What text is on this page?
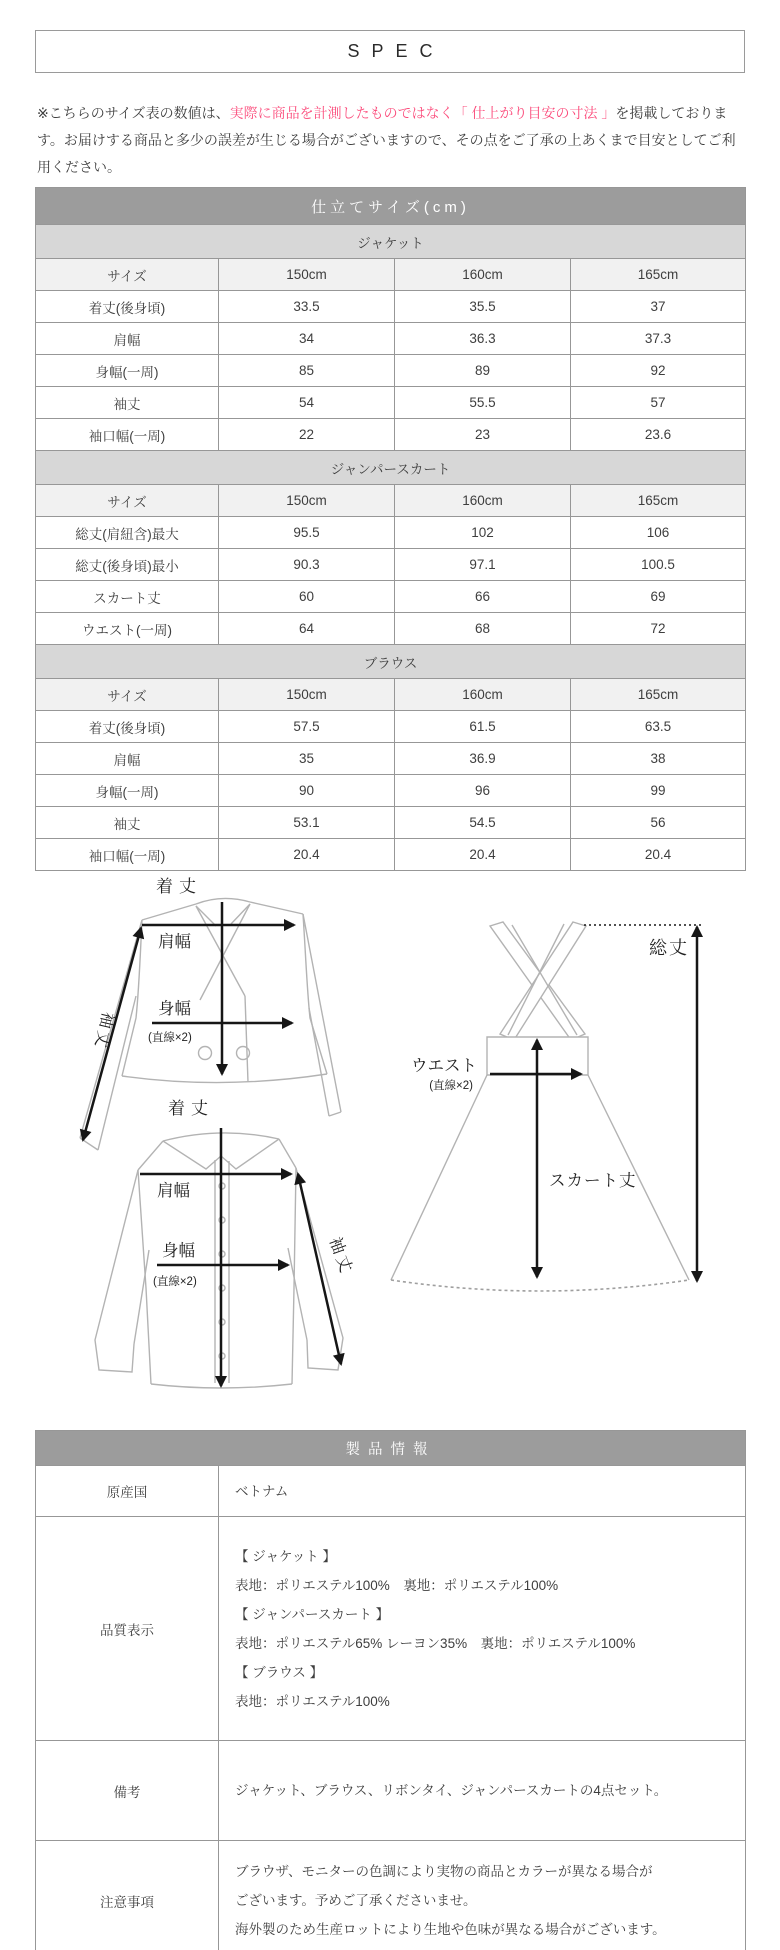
SPEC

※こちらのサイズ表の数値は、実際に商品を計測したものではなく「 仕上がり目安の寸法 」を掲載しております。お届けする商品と多少の誤差が生じる場合がございますので、その点をご了承の上あくまで目安としてご利用ください。

仕立てサイズ(cm)			
ジャケット			
サイズ	150cm	160cm	165cm
着丈(後身頃)	33.5	35.5	37
肩幅	34	36.3	37.3
身幅(一周)	85	89	92
袖丈	54	55.5	57
袖口幅(一周)	22	23	23.6
ジャンパースカート			
サイズ	150cm	160cm	165cm
総丈(肩紐含)最大	95.5	102	106
総丈(後身頃)最小	90.3	97.1	100.5
スカート丈	60	66	69
ウエスト(一周)	64	68	72
ブラウス			
サイズ	150cm	160cm	165cm
着丈(後身頃)	57.5	61.5	63.5
肩幅	35	36.9	38
身幅(一周)	90	96	99
袖丈	53.1	54.5	56
袖口幅(一周)	20.4	20.4	20.4
着丈
肩幅
身幅
(直線×2)
袖丈
着丈
肩幅
身幅
(直線×2)
袖丈
総丈
ウエスト
(直線×2)
スカート丈
製品情報	
原産国	ベトナム
品質表示	
【 ジャケット 】
表地：ポリエステル100%　裏地：ポリエステル100%
【 ジャンパースカート 】
表地：ポリエステル65% レーヨン35%　裏地：ポリエステル100%
【 ブラウス 】
表地：ポリエステル100%

備考	ジャケット、ブラウス、リボンタイ、ジャンパースカートの4点セット。
注意事項	ブラウザ、モニターの色調により実物の商品とカラーが異なる場合が
ございます。予めご了承くださいませ。
海外製のため生産ロットにより生地や色味が異なる場合がございます。
